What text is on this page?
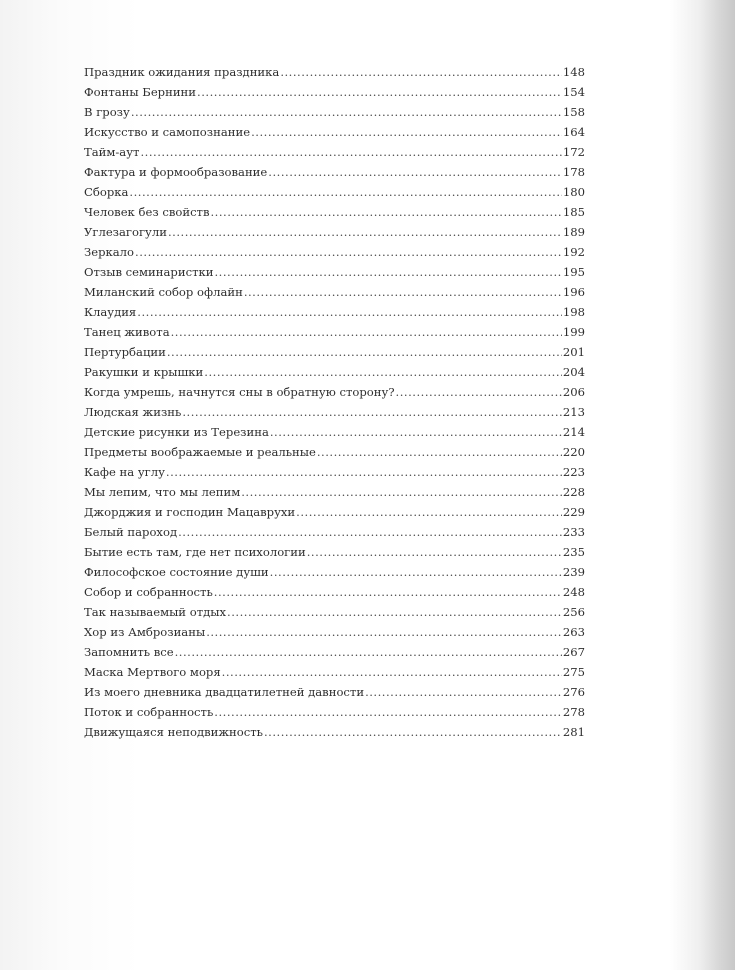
Праздник ожидания праздника .....	148
Фонтаны Бернини .....	154
В грозу .....	158
Искусство и самопознание .....	164
Тайм-аут .....	172
Фактура и формообразование .....	178
Сборка .....	180
Человек без свойств .....	185
Углезагогули .....	189
Зеркало .....	192
Отзыв семинаристки .....	195
Миланский собор офлайн .....	196
Клаудия .....	198
Танец живота .....	199
Пертурбации .....	201
Ракушки и крышки .....	204
Когда умрешь, начнутся сны в обратную сторону? .....	206
Людская жизнь .....	213
Детские рисунки из Терезина .....	214
Предметы воображаемые и реальные .....	220
Кафе на углу .....	223
Мы лепим, что мы лепим .....	228
Джорджия и господин Мацаврухи .....	229
Белый пароход .....	233
Бытие есть там, где нет психологии .....	235
Философское состояние души .....	239
Собор и собранность .....	248
Так называемый отдых .....	256
Хор из Амброзианы .....	263
Запомнить все .....	267
Маска Мертвого моря .....	275
Из моего дневника двадцатилетней давности .....	276
Поток и собранность .....	278
Движущаяся неподвижность .....	281
